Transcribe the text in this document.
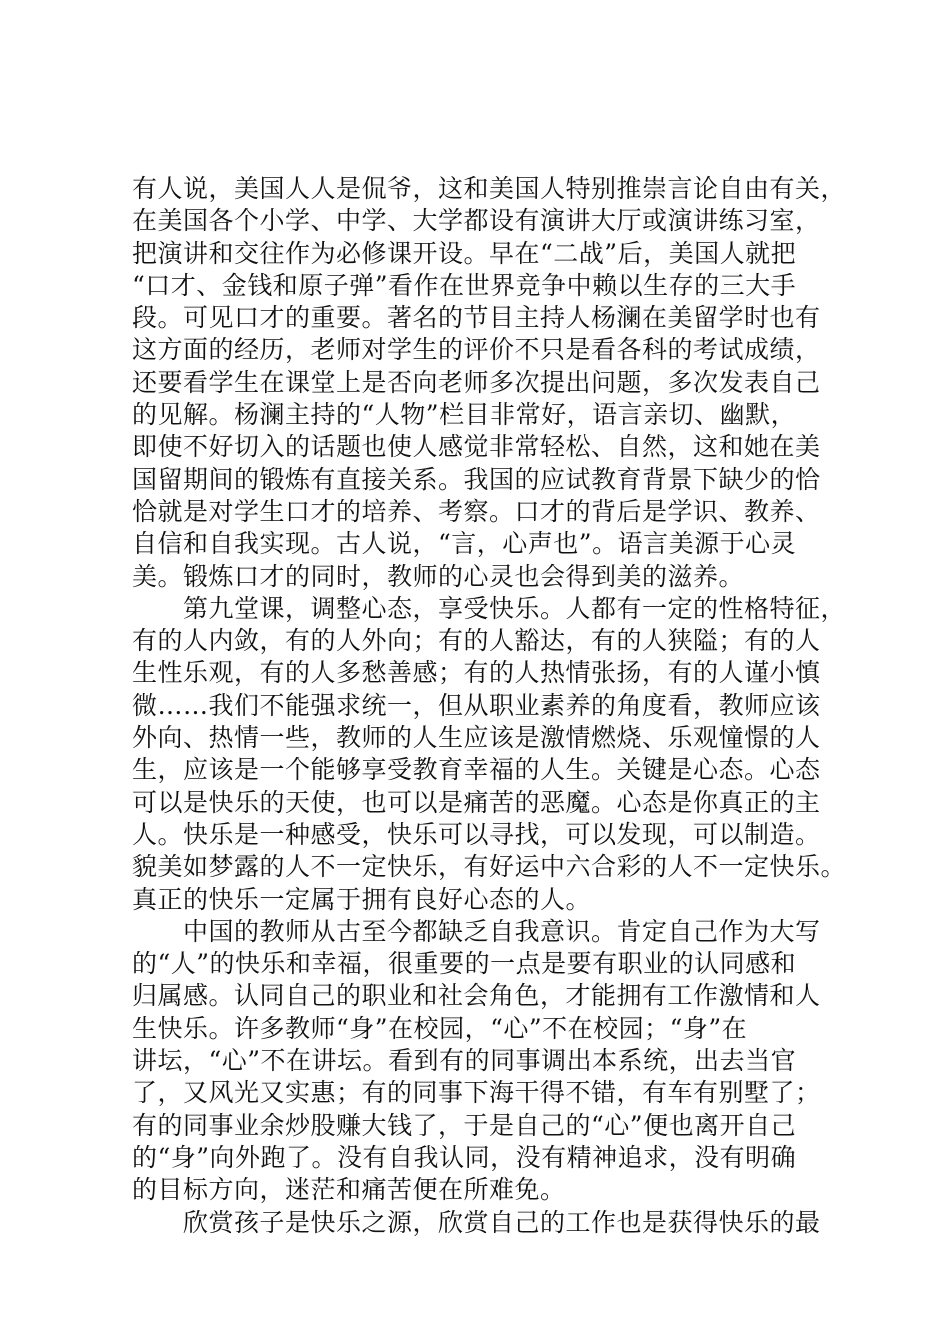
有人说，美国人人是侃爷，这和美国人特别推崇言论自由有关，
在美国各个小学、中学、大学都设有演讲大厅或演讲练习室，
把演讲和交往作为必修课开设。早在“二战”后，美国人就把
“口才、金钱和原子弹”看作在世界竞争中赖以生存的三大手
段。可见口才的重要。著名的节目主持人杨澜在美留学时也有
这方面的经历，老师对学生的评价不只是看各科的考试成绩，
还要看学生在课堂上是否向老师多次提出问题，多次发表自己
的见解。杨澜主持的“人物”栏目非常好，语言亲切、幽默，
即使不好切入的话题也使人感觉非常轻松、自然，这和她在美
国留期间的锻炼有直接关系。我国的应试教育背景下缺少的恰
恰就是对学生口才的培养、考察。口才的背后是学识、教养、
自信和自我实现。古人说，“言，心声也”。语言美源于心灵
美。锻炼口才的同时，教师的心灵也会得到美的滋养。
　　第九堂课，调整心态，享受快乐。人都有一定的性格特征，
有的人内敛，有的人外向；有的人豁达，有的人狭隘；有的人
生性乐观，有的人多愁善感；有的人热情张扬，有的人谨小慎
微……我们不能强求统一，但从职业素养的角度看，教师应该
外向、热情一些，教师的人生应该是激情燃烧、乐观憧憬的人
生，应该是一个能够享受教育幸福的人生。关键是心态。心态
可以是快乐的天使，也可以是痛苦的恶魔。心态是你真正的主
人。快乐是一种感受，快乐可以寻找，可以发现，可以制造。
貌美如梦露的人不一定快乐，有好运中六合彩的人不一定快乐。
真正的快乐一定属于拥有良好心态的人。
　　中国的教师从古至今都缺乏自我意识。肯定自己作为大写
的“人”的快乐和幸福，很重要的一点是要有职业的认同感和
归属感。认同自己的职业和社会角色，才能拥有工作激情和人
生快乐。许多教师“身”在校园，“心”不在校园；“身”在
讲坛，“心”不在讲坛。看到有的同事调出本系统，出去当官
了，又风光又实惠；有的同事下海干得不错，有车有别墅了；
有的同事业余炒股赚大钱了，于是自己的“心”便也离开自己
的“身”向外跑了。没有自我认同，没有精神追求，没有明确
的目标方向，迷茫和痛苦便在所难免。
　　欣赏孩子是快乐之源，欣赏自己的工作也是获得快乐的最
